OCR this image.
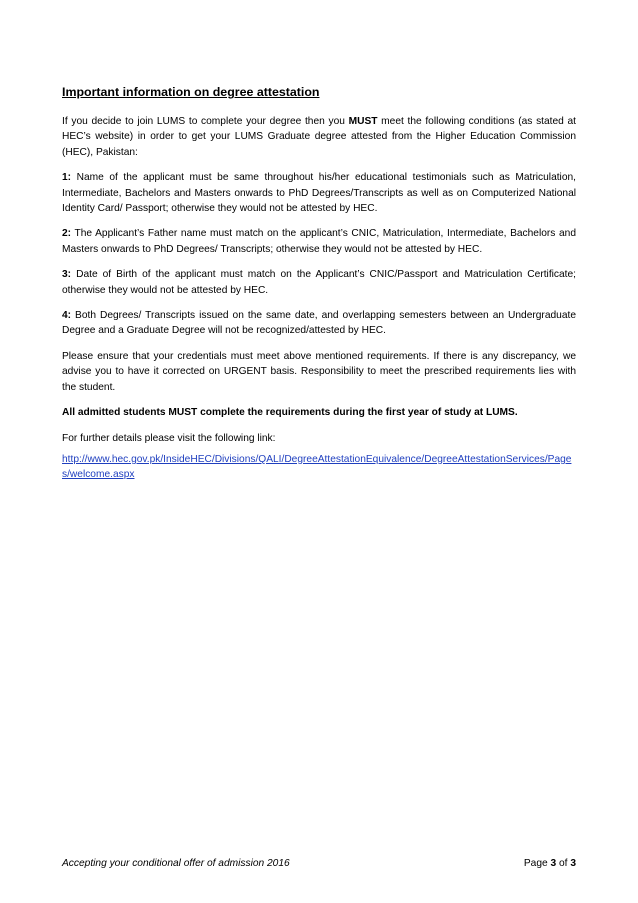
Important information on degree attestation

If you decide to join LUMS to complete your degree then you MUST meet the following conditions (as stated at HEC’s website) in order to get your LUMS Graduate degree attested from the Higher Education Commission (HEC), Pakistan:

1: Name of the applicant must be same throughout his/her educational testimonials such as Matriculation, Intermediate, Bachelors and Masters onwards to PhD Degrees/Transcripts as well as on Computerized National Identity Card/ Passport; otherwise they would not be attested by HEC.

2: The Applicant’s Father name must match on the applicant’s CNIC, Matriculation, Intermediate, Bachelors and Masters onwards to PhD Degrees/ Transcripts; otherwise they would not be attested by HEC.

3: Date of Birth of the applicant must match on the Applicant’s CNIC/Passport and Matriculation Certificate; otherwise they would not be attested by HEC.

4: Both Degrees/ Transcripts issued on the same date, and overlapping semesters between an Undergraduate Degree and a Graduate Degree will not be recognized/attested by HEC.

Please ensure that your credentials must meet above mentioned requirements. If there is any discrepancy, we advise you to have it corrected on URGENT basis. Responsibility to meet the prescribed requirements lies with the student.

All admitted students MUST complete the requirements during the first year of study at LUMS.

For further details please visit the following link:

http://www.hec.gov.pk/InsideHEC/Divisions/QALI/DegreeAttestationEquivalence/DegreeAttestationServices/Pages/welcome.aspx

Accepting your conditional offer of admission 2016	Page 3 of 3
